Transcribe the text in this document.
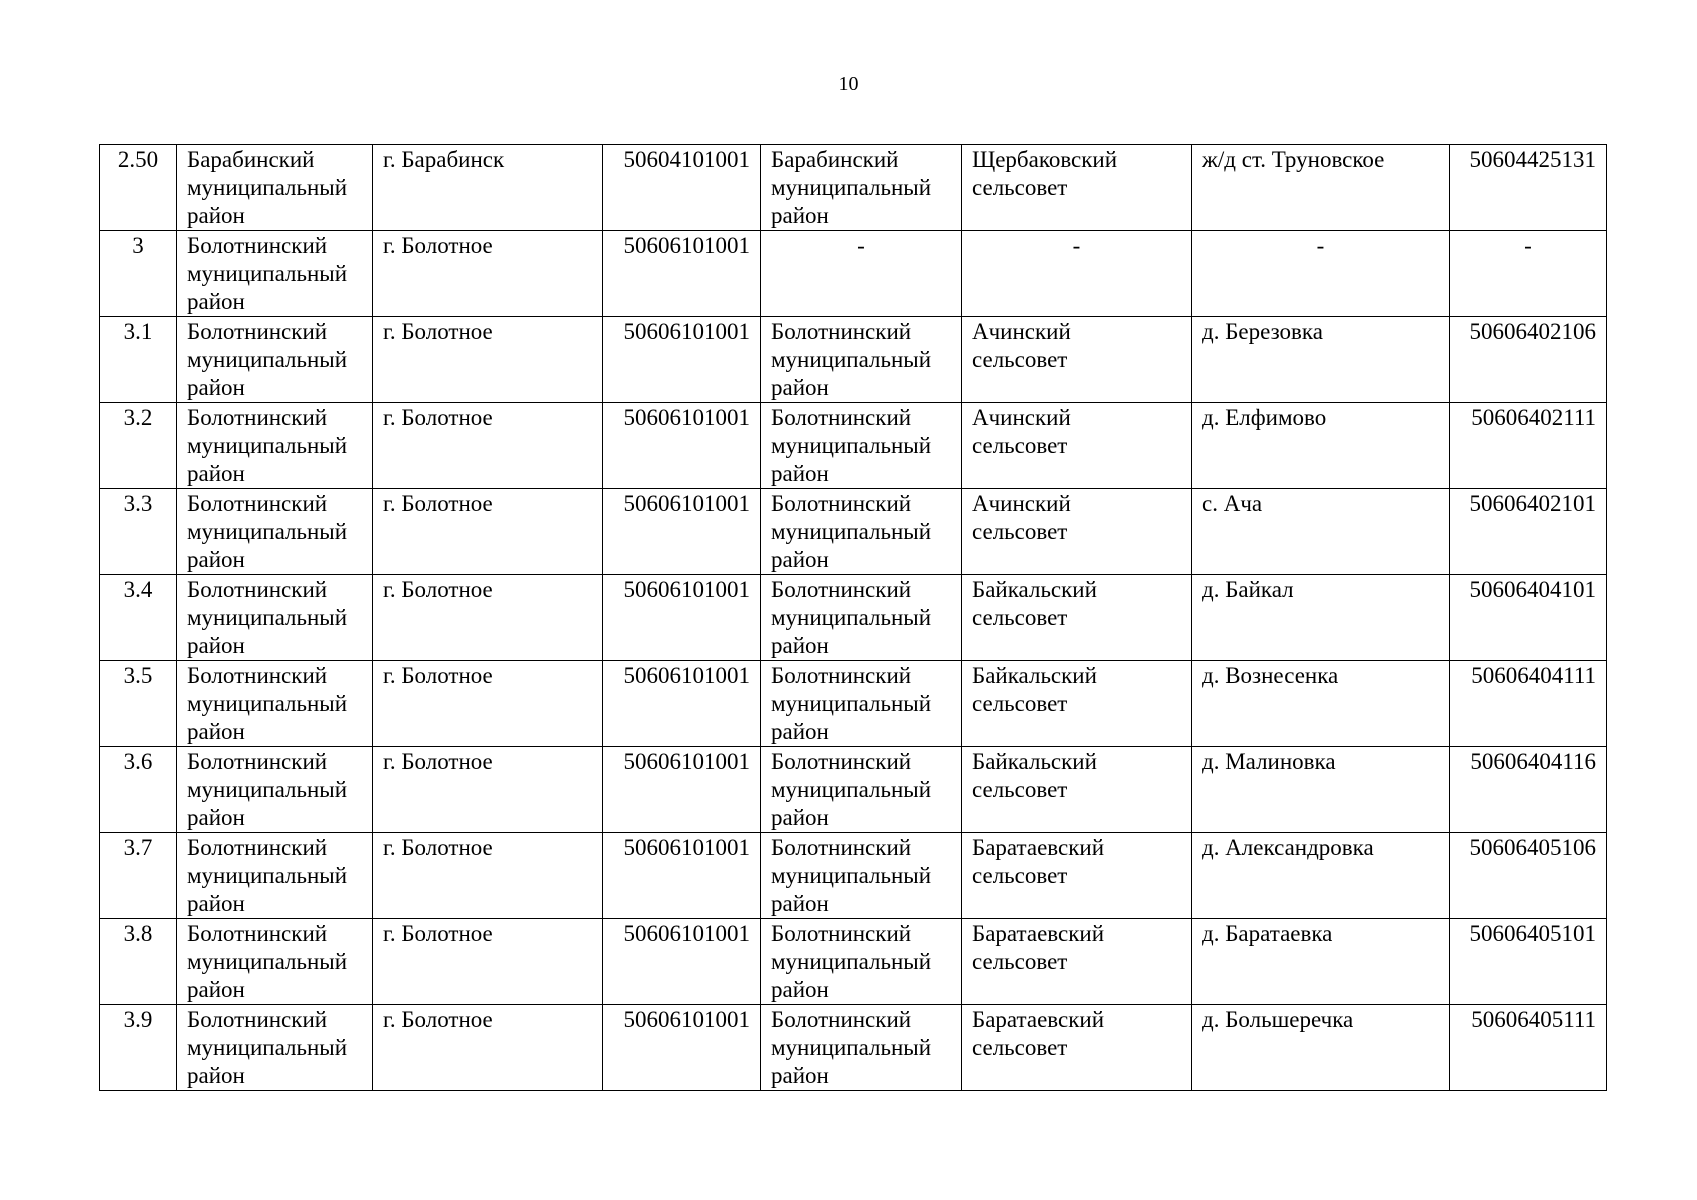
10
2.50	Барабинский
муниципальный
район	г. Барабинск	50604101001	Барабинский
муниципальный
район	Щербаковский
сельсовет	ж/д ст. Труновское	50604425131
3	Болотнинский
муниципальный
район	г. Болотное	50606101001	-	-	-	-
3.1	Болотнинский
муниципальный
район	г. Болотное	50606101001	Болотнинский
муниципальный
район	Ачинский
сельсовет	д. Березовка	50606402106
3.2	Болотнинский
муниципальный
район	г. Болотное	50606101001	Болотнинский
муниципальный
район	Ачинский
сельсовет	д. Елфимово	50606402111
3.3	Болотнинский
муниципальный
район	г. Болотное	50606101001	Болотнинский
муниципальный
район	Ачинский
сельсовет	с. Ача	50606402101
3.4	Болотнинский
муниципальный
район	г. Болотное	50606101001	Болотнинский
муниципальный
район	Байкальский
сельсовет	д. Байкал	50606404101
3.5	Болотнинский
муниципальный
район	г. Болотное	50606101001	Болотнинский
муниципальный
район	Байкальский
сельсовет	д. Вознесенка	50606404111
3.6	Болотнинский
муниципальный
район	г. Болотное	50606101001	Болотнинский
муниципальный
район	Байкальский
сельсовет	д. Малиновка	50606404116
3.7	Болотнинский
муниципальный
район	г. Болотное	50606101001	Болотнинский
муниципальный
район	Баратаевский
сельсовет	д. Александровка	50606405106
3.8	Болотнинский
муниципальный
район	г. Болотное	50606101001	Болотнинский
муниципальный
район	Баратаевский
сельсовет	д. Баратаевка	50606405101
3.9	Болотнинский
муниципальный
район	г. Болотное	50606101001	Болотнинский
муниципальный
район	Баратаевский
сельсовет	д. Большеречка	50606405111
